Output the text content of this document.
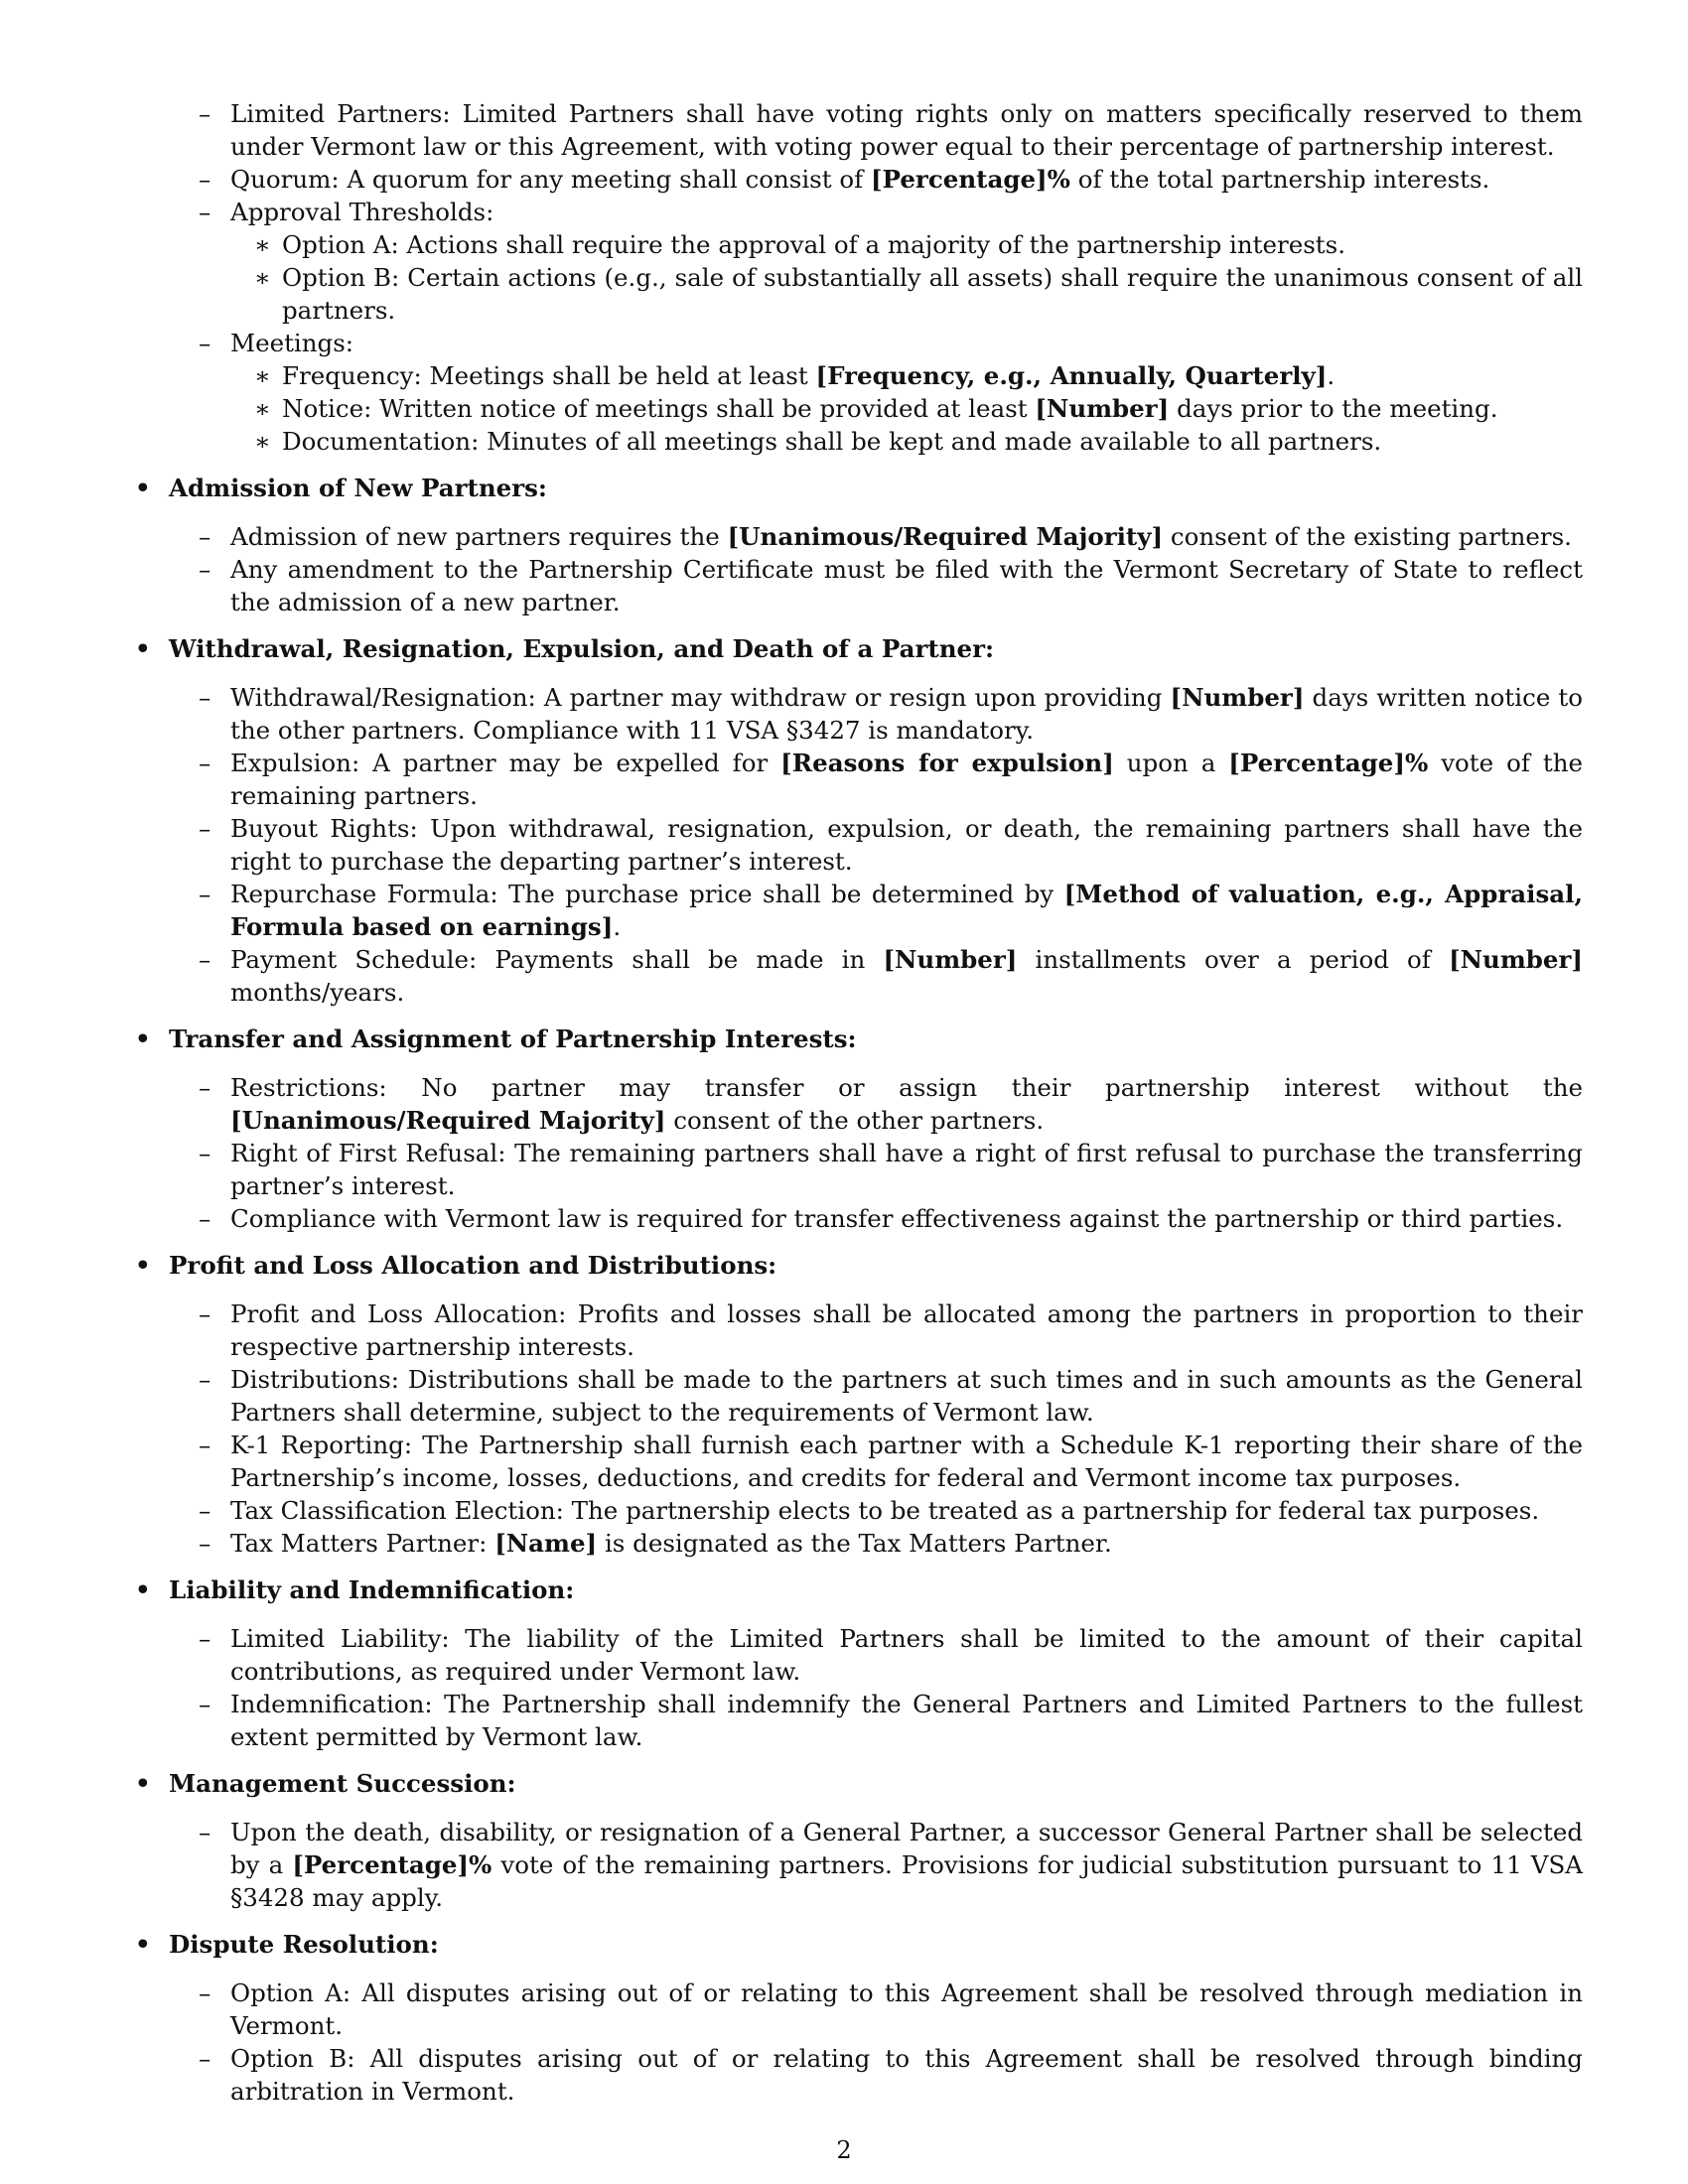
– Limited Partners: Limited Partners shall have voting rights only on matters specifically reserved to them under Vermont law or this Agreement, with voting power equal to their percentage of partnership interest.
– Quorum: A quorum for any meeting shall consist of [Percentage]% of the total partnership interests.
– Approval Thresholds:
∗ Option A: Actions shall require the approval of a majority of the partnership interests.
∗ Option B: Certain actions (e.g., sale of substantially all assets) shall require the unanimous consent of all partners.
– Meetings:
∗ Frequency: Meetings shall be held at least [Frequency, e.g., Annually, Quarterly].
∗ Notice: Written notice of meetings shall be provided at least [Number] days prior to the meeting.
∗ Documentation: Minutes of all meetings shall be kept and made available to all partners.
• Admission of New Partners:
– Admission of new partners requires the [Unanimous/Required Majority] consent of the existing partners.
– Any amendment to the Partnership Certificate must be filed with the Vermont Secretary of State to reflect the admission of a new partner.
• Withdrawal, Resignation, Expulsion, and Death of a Partner:
– Withdrawal/Resignation: A partner may withdraw or resign upon providing [Number] days written notice to the other partners. Compliance with 11 VSA §3427 is mandatory.
– Expulsion: A partner may be expelled for [Reasons for expulsion] upon a [Percentage]% vote of the remaining partners.
– Buyout Rights: Upon withdrawal, resignation, expulsion, or death, the remaining partners shall have the right to purchase the departing partner’s interest.
– Repurchase Formula: The purchase price shall be determined by [Method of valuation, e.g., Appraisal, Formula based on earnings].
– Payment Schedule: Payments shall be made in [Number] installments over a period of [Number] months/years.
• Transfer and Assignment of Partnership Interests:
– Restrictions: No partner may transfer or assign their partnership interest without the [Unanimous/Required Majority] consent of the other partners.
– Right of First Refusal: The remaining partners shall have a right of first refusal to purchase the transferring partner’s interest.
– Compliance with Vermont law is required for transfer effectiveness against the partnership or third parties.
• Profit and Loss Allocation and Distributions:
– Profit and Loss Allocation: Profits and losses shall be allocated among the partners in proportion to their respective partnership interests.
– Distributions: Distributions shall be made to the partners at such times and in such amounts as the General Partners shall determine, subject to the requirements of Vermont law.
– K-1 Reporting: The Partnership shall furnish each partner with a Schedule K-1 reporting their share of the Partnership’s income, losses, deductions, and credits for federal and Vermont income tax purposes.
– Tax Classification Election: The partnership elects to be treated as a partnership for federal tax purposes.
– Tax Matters Partner: [Name] is designated as the Tax Matters Partner.
• Liability and Indemnification:
– Limited Liability: The liability of the Limited Partners shall be limited to the amount of their capital contributions, as required under Vermont law.
– Indemnification: The Partnership shall indemnify the General Partners and Limited Partners to the fullest extent permitted by Vermont law.
• Management Succession:
– Upon the death, disability, or resignation of a General Partner, a successor General Partner shall be selected by a [Percentage]% vote of the remaining partners. Provisions for judicial substitution pursuant to 11 VSA §3428 may apply.
• Dispute Resolution:
– Option A: All disputes arising out of or relating to this Agreement shall be resolved through mediation in Vermont.
– Option B: All disputes arising out of or relating to this Agreement shall be resolved through binding arbitration in Vermont.
2
